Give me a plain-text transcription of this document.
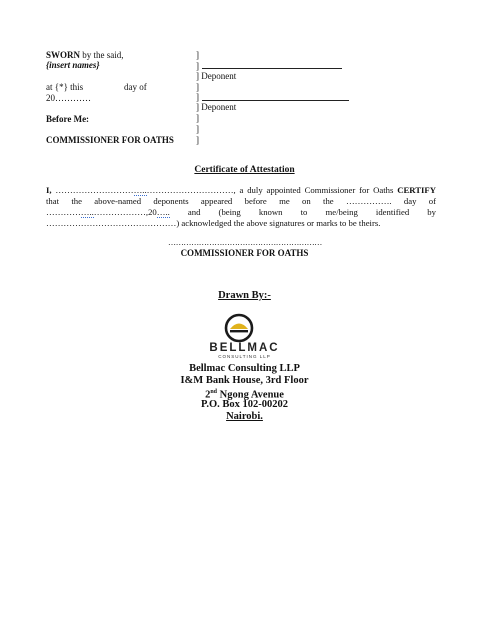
SWORN by the said,
{insert names}
at {*} this	day of
20…………
Before Me:
COMMISSIONER FOR OATHS
]
]
] Deponent
]
]
] Deponent
]
]
]
Certificate of Attestation
I, …………………………..…………………………, a duly appointed Commissioner for Oaths CERTIFY that the above-named deponents appeared before me on the ……………. day of ……………..………………,20….. and (being known to me/being identified by ………………………………………) acknowledged the above signatures or marks to be theirs.
……………………………………………………
COMMISSIONER FOR OATHS
Drawn By:-
BELLMAC
CONSULTING LLP
Bellmac Consulting LLP
I&M Bank House, 3rd Floor
2nd Ngong Avenue
P.O. Box 102-00202
Nairobi.
